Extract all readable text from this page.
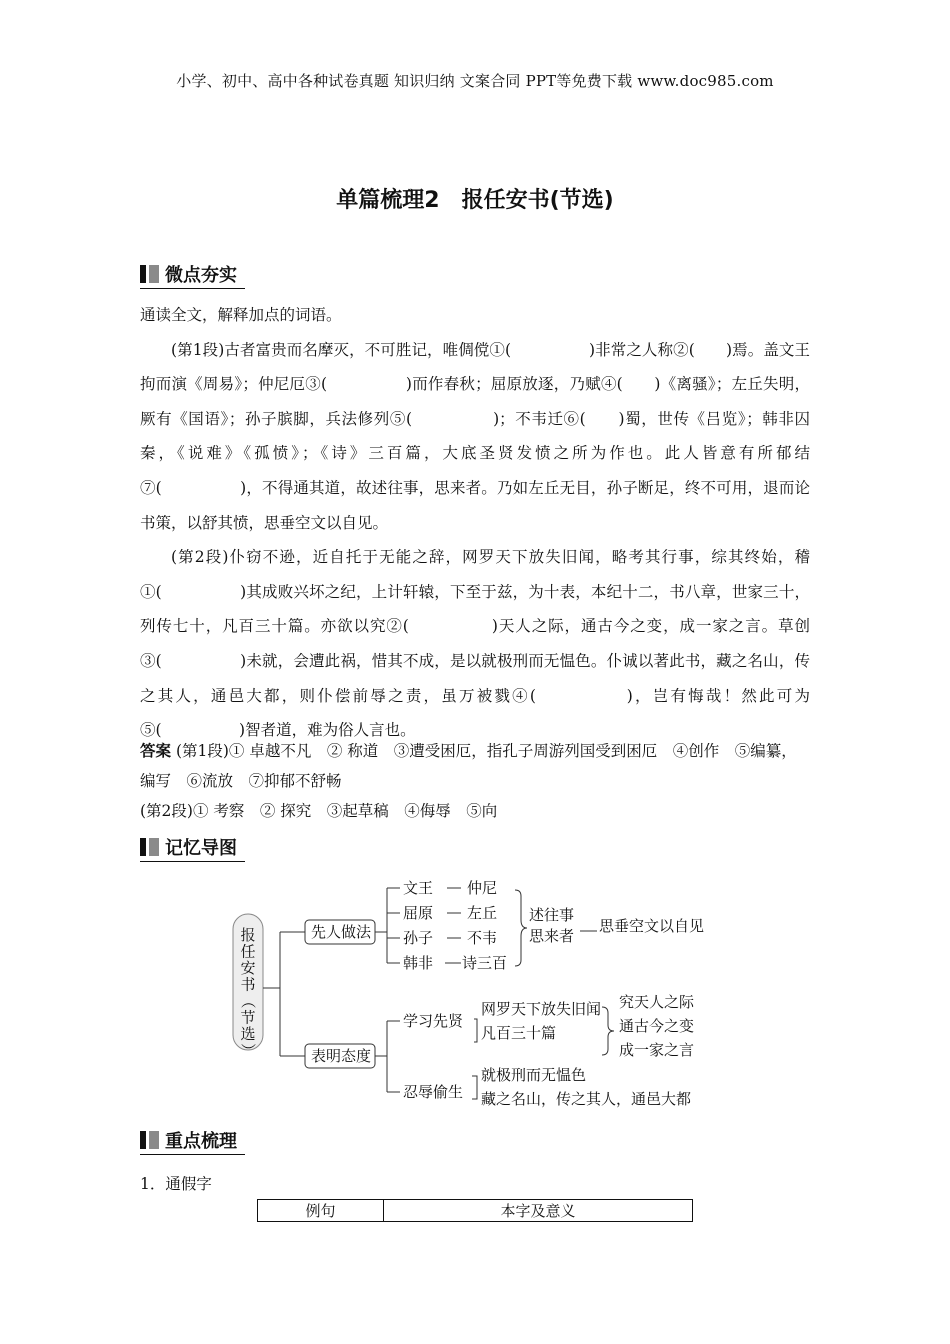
小学、初中、高中各种试卷真题 知识归纳 文案合同 PPT等免费下载 www.doc985.com
单篇梳理2　报任安书(节选)
微点夯实

通读全文，解释加点的词语。

(第1段)古者富贵而名摩灭，不可胜记，唯倜傥①(　　　　　)非常之人称②(　　)焉。盖文王拘而演《周易》；仲尼厄③(　　　　　)而作春秋；屈原放逐，乃赋④(　　)《离骚》；左丘失明，厥有《国语》；孙子膑脚，兵法修列⑤(　　　　　)；不韦迁⑥(　　)蜀，世传《吕览》；韩非囚秦，《说难》《孤愤》；《诗》三百篇，大底圣贤发愤之所为作也。此人皆意有所郁结⑦(　　　　　)，不得通其道，故述往事，思来者。乃如左丘无目，孙子断足，终不可用，退而论书策，以舒其愤，思垂空文以自见。

(第2段)仆窃不逊，近自托于无能之辞，网罗天下放失旧闻，略考其行事，综其终始，稽①(　　　　　)其成败兴坏之纪，上计轩辕，下至于兹，为十表，本纪十二，书八章，世家三十，列传七十，凡百三十篇。亦欲以究②(　　　　　)天人之际，通古今之变，成一家之言。草创③(　　　　　)未就，会遭此祸，惜其不成，是以就极刑而无愠色。仆诚以著此书，藏之名山，传之其人，通邑大都，则仆偿前辱之责，虽万被戮④(　　　　　)，岂有悔哉！然此可为⑤(　　　　　)智者道，难为俗人言也。

答案 (第1段)① 卓越不凡　② 称道　③遭受困厄，指孔子周游列国受到困厄　④创作　⑤编纂，编写　⑥流放　⑦抑郁不舒畅
(第2段)① 考察　② 探究　③起草稿　④侮辱　⑤向
记忆导图
先人做法
表明态度
文王 仲尼
屈原 左丘
孙子 不韦
韩非 诗三百
述往事
思来者
思垂空文以自见
学习先贤
忍辱偷生
网罗天下放失旧闻
凡百三十篇
究天人之际
通古今之变
成一家之言
就极刑而无愠色
藏之名山，传之其人，通邑大都
报
任
安
书
（
节
选
）
重点梳理
1．通假字
例句	本字及意义
